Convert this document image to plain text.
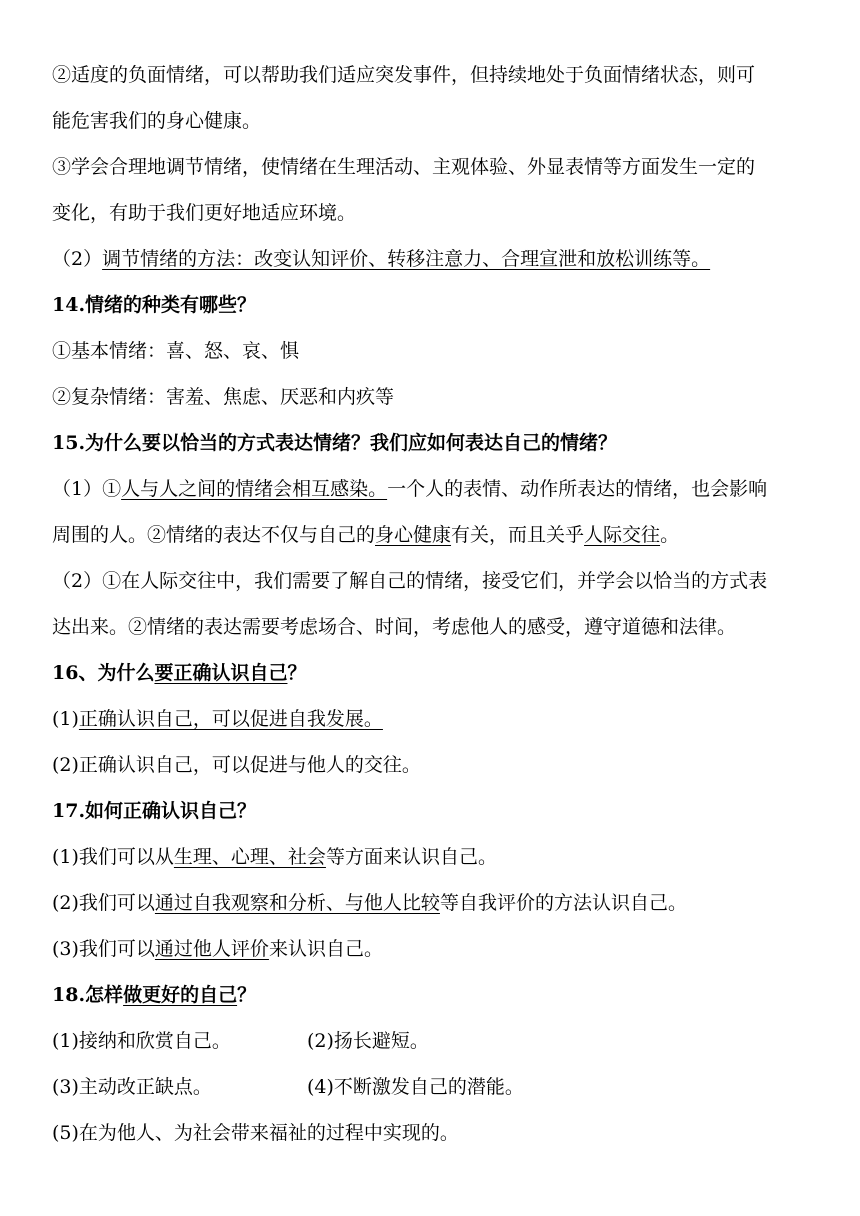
②适度的负面情绪，可以帮助我们适应突发事件，但持续地处于负面情绪状态，则可
能危害我们的身心健康。
③学会合理地调节情绪，使情绪在生理活动、主观体验、外显表情等方面发生一定的
变化，有助于我们更好地适应环境。
（2）调节情绪的方法：改变认知评价、转移注意力、合理宣泄和放松训练等。
14.情绪的种类有哪些？
①基本情绪：喜、怒、哀、惧
②复杂情绪：害羞、焦虑、厌恶和内疚等
15.为什么要以恰当的方式表达情绪？我们应如何表达自己的情绪？
（1）①人与人之间的情绪会相互感染。一个人的表情、动作所表达的情绪，也会影响
周围的人。②情绪的表达不仅与自己的身心健康有关，而且关乎人际交往。
（2）①在人际交往中，我们需要了解自己的情绪，接受它们，并学会以恰当的方式表
达出来。②情绪的表达需要考虑场合、时间，考虑他人的感受，遵守道德和法律。
16、为什么要正确认识自己？
(1)正确认识自己，可以促进自我发展。
(2)正确认识自己，可以促进与他人的交往。
17.如何正确认识自己？
(1)我们可以从生理、心理、社会等方面来认识自己。
(2)我们可以通过自我观察和分析、与他人比较等自我评价的方法认识自己。
(3)我们可以通过他人评价来认识自己。
18.怎样做更好的自己？
(1)接纳和欣赏自己。	(2)扬长避短。
(3)主动改正缺点。	(4)不断激发自己的潜能。
(5)在为他人、为社会带来福祉的过程中实现的。
